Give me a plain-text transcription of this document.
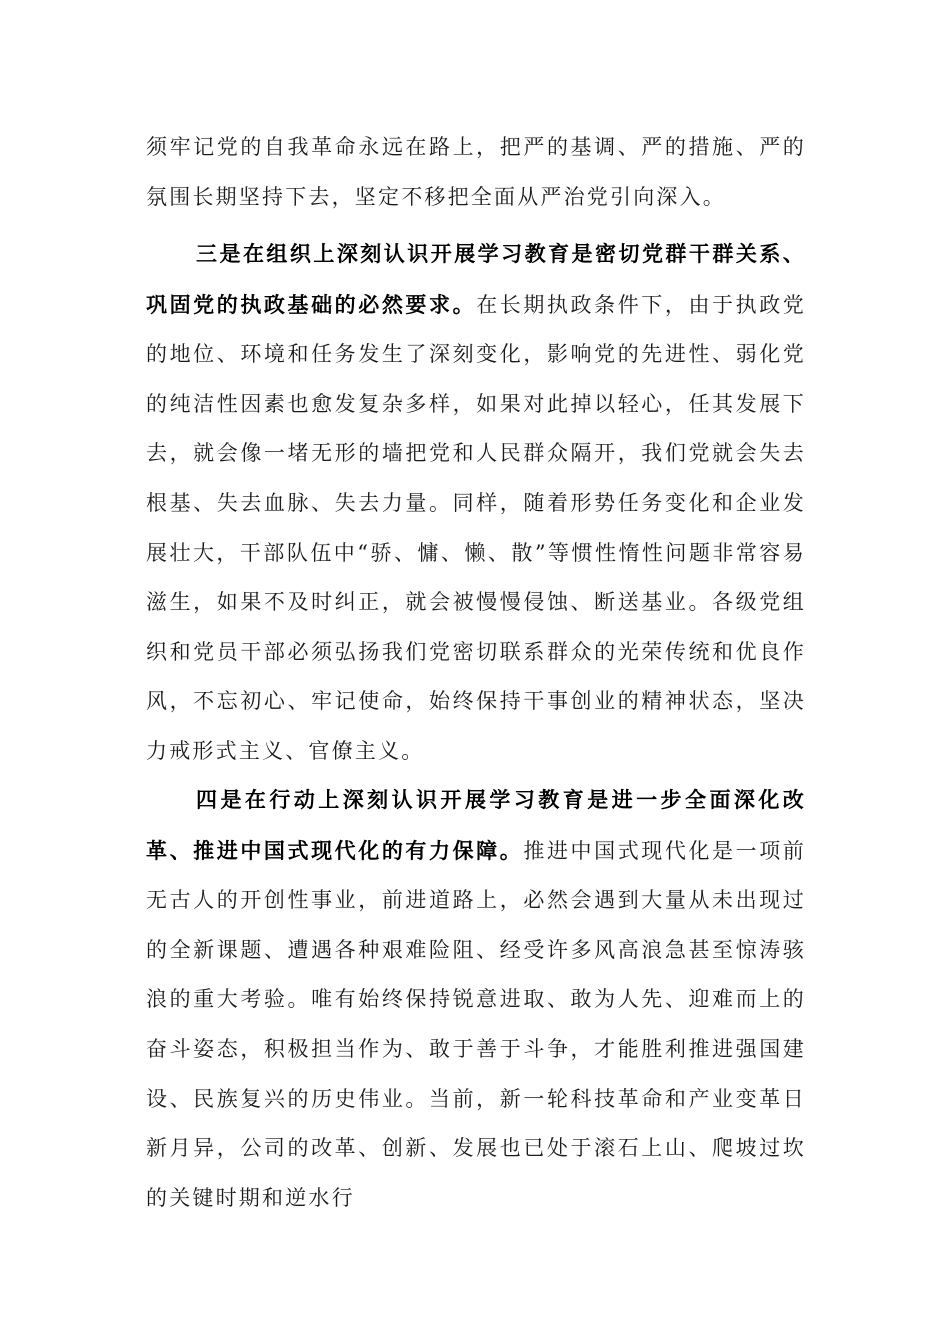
须牢记党的自我革命永远在路上，把严的基调、严的措施、严的氛围长期坚持下去，坚定不移把全面从严治党引向深入。

三是在组织上深刻认识开展学习教育是密切党群干群关系、巩固党的执政基础的必然要求。在长期执政条件下，由于执政党的地位、环境和任务发生了深刻变化，影响党的先进性、弱化党的纯洁性因素也愈发复杂多样，如果对此掉以轻心，任其发展下去，就会像一堵无形的墙把党和人民群众隔开，我们党就会失去根基、失去血脉、失去力量。同样，随着形势任务变化和企业发展壮大，干部队伍中“骄、慵、懒、散”等惯性惰性问题非常容易滋生，如果不及时纠正，就会被慢慢侵蚀、断送基业。各级党组织和党员干部必须弘扬我们党密切联系群众的光荣传统和优良作风，不忘初心、牢记使命，始终保持干事创业的精神状态，坚决力戒形式主义、官僚主义。

四是在行动上深刻认识开展学习教育是进一步全面深化改革、推进中国式现代化的有力保障。推进中国式现代化是一项前无古人的开创性事业，前进道路上，必然会遇到大量从未出现过的全新课题、遭遇各种艰难险阻、经受许多风高浪急甚至惊涛骇浪的重大考验。唯有始终保持锐意进取、敢为人先、迎难而上的奋斗姿态，积极担当作为、敢于善于斗争，才能胜利推进强国建设、民族复兴的历史伟业。当前，新一轮科技革命和产业变革日新月异，公司的改革、创新、发展也已处于滚石上山、爬坡过坎的关键时期和逆水行
